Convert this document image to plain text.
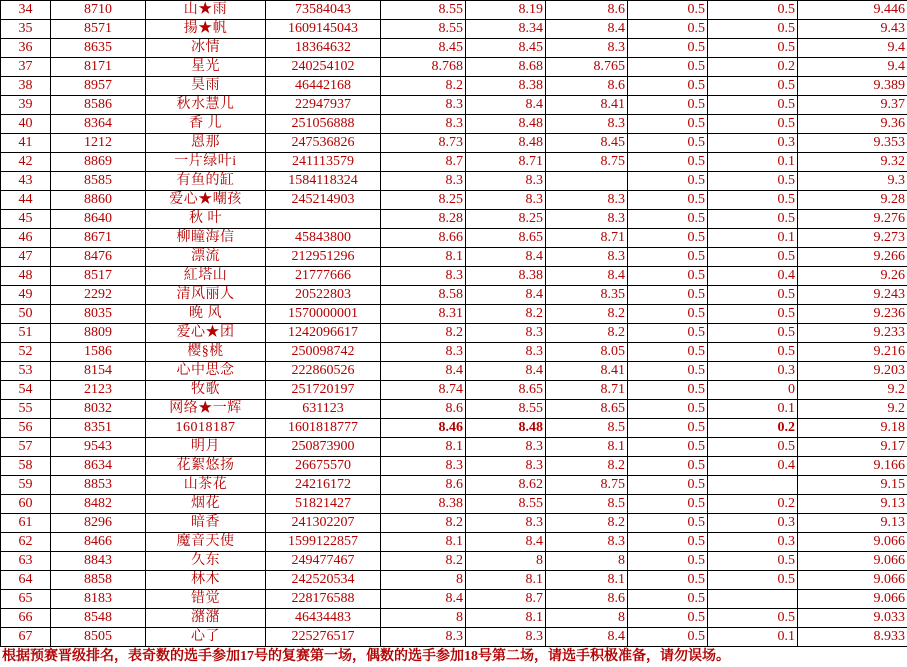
34	8710	山★雨	73584043	8.55	8.19	8.6	0.5	0.5	9.446
35	8571	揚★帆	1609145043	8.55	8.34	8.4	0.5	0.5	9.43
36	8635	冰情	18364632	8.45	8.45	8.3	0.5	0.5	9.4
37	8171	星光	240254102	8.768	8.68	8.765	0.5	0.2	9.4
38	8957	昊雨	46442168	8.2	8.38	8.6	0.5	0.5	9.389
39	8586	秋水慧儿	22947937	8.3	8.4	8.41	0.5	0.5	9.37
40	8364	香 儿	251056888	8.3	8.48	8.3	0.5	0.5	9.36
41	1212	恩那	247536826	8.73	8.48	8.45	0.5	0.3	9.353
42	8869	一片绿叶i	241113579	8.7	8.71	8.75	0.5	0.1	9.32
43	8585	有鱼的缸	1584118324	8.3	8.3		0.5	0.5	9.3
44	8860	爱心★嘲孩	245214903	8.25	8.3	8.3	0.5	0.5	9.28
45	8640	秋 叶		8.28	8.25	8.3	0.5	0.5	9.276
46	8671	柳瞳海信	45843800	8.66	8.65	8.71	0.5	0.1	9.273
47	8476	漂流	212951296	8.1	8.4	8.3	0.5	0.5	9.266
48	8517	紅塔山	21777666	8.3	8.38	8.4	0.5	0.4	9.26
49	2292	清风丽人	20522803	8.58	8.4	8.35	0.5	0.5	9.243
50	8035	晚 风	1570000001	8.31	8.2	8.2	0.5	0.5	9.236
51	8809	爱心★团	1242096617	8.2	8.3	8.2	0.5	0.5	9.233
52	1586	樱§桃	250098742	8.3	8.3	8.05	0.5	0.5	9.216
53	8154	心中思念	222860526	8.4	8.4	8.41	0.5	0.3	9.203
54	2123	牧歌	251720197	8.74	8.65	8.71	0.5	0	9.2
55	8032	网络★一辉	631123	8.6	8.55	8.65	0.5	0.1	9.2
56	8351	16018187	1601818777	8.46	8.48	8.5	0.5	0.2	9.18
57	9543	明月	250873900	8.1	8.3	8.1	0.5	0.5	9.17
58	8634	花絮悠扬	26675570	8.3	8.3	8.2	0.5	0.4	9.166
59	8853	山茶花	24216172	8.6	8.62	8.75	0.5		9.15
60	8482	烟花	51821427	8.38	8.55	8.5	0.5	0.2	9.13
61	8296	暗香	241302207	8.2	8.3	8.2	0.5	0.3	9.13
62	8466	魔音天使	1599122857	8.1	8.4	8.3	0.5	0.3	9.066
63	8843	久东	249477467	8.2	8	8	0.5	0.5	9.066
64	8858	林木	242520534	8	8.1	8.1	0.5	0.5	9.066
65	8183	错觉	228176588	8.4	8.7	8.6	0.5		9.066
66	8548	潴潴	46434483	8	8.1	8	0.5	0.5	9.033
67	8505	心了	225276517	8.3	8.3	8.4	0.5	0.1	8.933
根据预赛晋级排名，表奇数的选手参加17号的复赛第一场，偶数的选手参加18号第二场，请选手积极准备，请勿误场。
